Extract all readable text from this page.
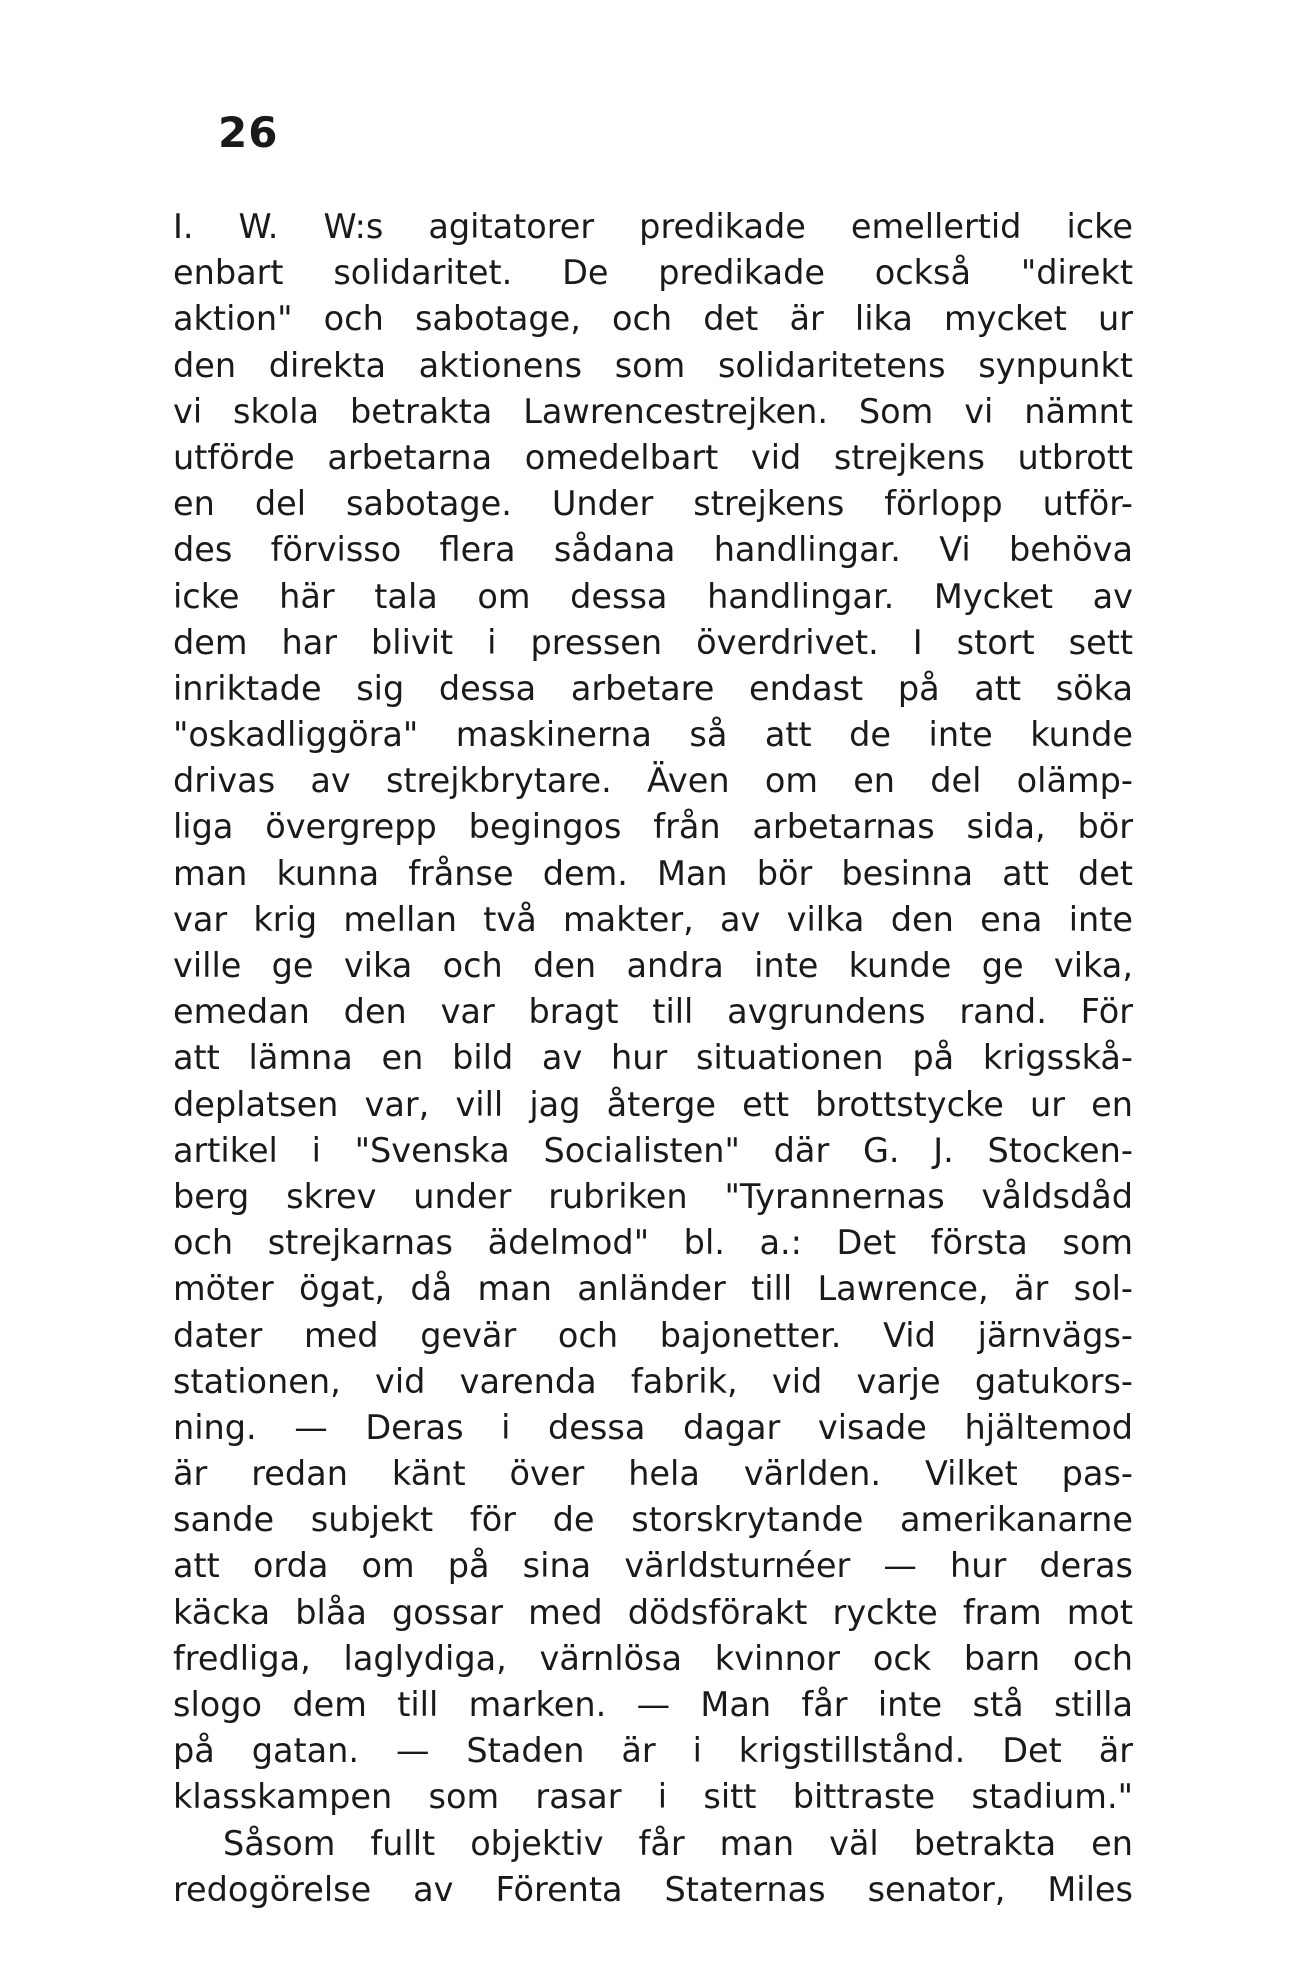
26
I. W. W:s agitatorer predikade emellertid icke
enbart solidaritet. De predikade också "direkt
aktion" och sabotage, och det är lika mycket ur
den direkta aktionens som solidaritetens synpunkt
vi skola betrakta Lawrencestrejken. Som vi nämnt
utförde arbetarna omedelbart vid strejkens utbrott
en del sabotage. Under strejkens förlopp utför-
des förvisso flera sådana handlingar. Vi behöva
icke här tala om dessa handlingar. Mycket av
dem har blivit i pressen överdrivet. I stort sett
inriktade sig dessa arbetare endast på att söka
"oskadliggöra" maskinerna så att de inte kunde
drivas av strejkbrytare. Även om en del olämp-
liga övergrepp begingos från arbetarnas sida, bör
man kunna frånse dem. Man bör besinna att det
var krig mellan två makter, av vilka den ena inte
ville ge vika och den andra inte kunde ge vika,
emedan den var bragt till avgrundens rand. För
att lämna en bild av hur situationen på krigsskå-
deplatsen var, vill jag återge ett brottstycke ur en
artikel i "Svenska Socialisten" där G. J. Stocken-
berg skrev under rubriken "Tyrannernas våldsdåd
och strejkarnas ädelmod" bl. a.: Det första som
möter ögat, då man anländer till Lawrence, är sol-
dater med gevär och bajonetter. Vid järnvägs-
stationen, vid varenda fabrik, vid varje gatukors-
ning. — Deras i dessa dagar visade hjältemod
är redan känt över hela världen. Vilket pas-
sande subjekt för de storskrytande amerikanarne
att orda om på sina världsturnéer — hur deras
käcka blåa gossar med dödsförakt ryckte fram mot
fredliga, laglydiga, värnlösa kvinnor ock barn och
slogo dem till marken. — Man får inte stå stilla
på gatan. — Staden är i krigstillstånd. Det är
klasskampen som rasar i sitt bittraste stadium."
Såsom fullt objektiv får man väl betrakta en
redogörelse av Förenta Staternas senator, Miles
